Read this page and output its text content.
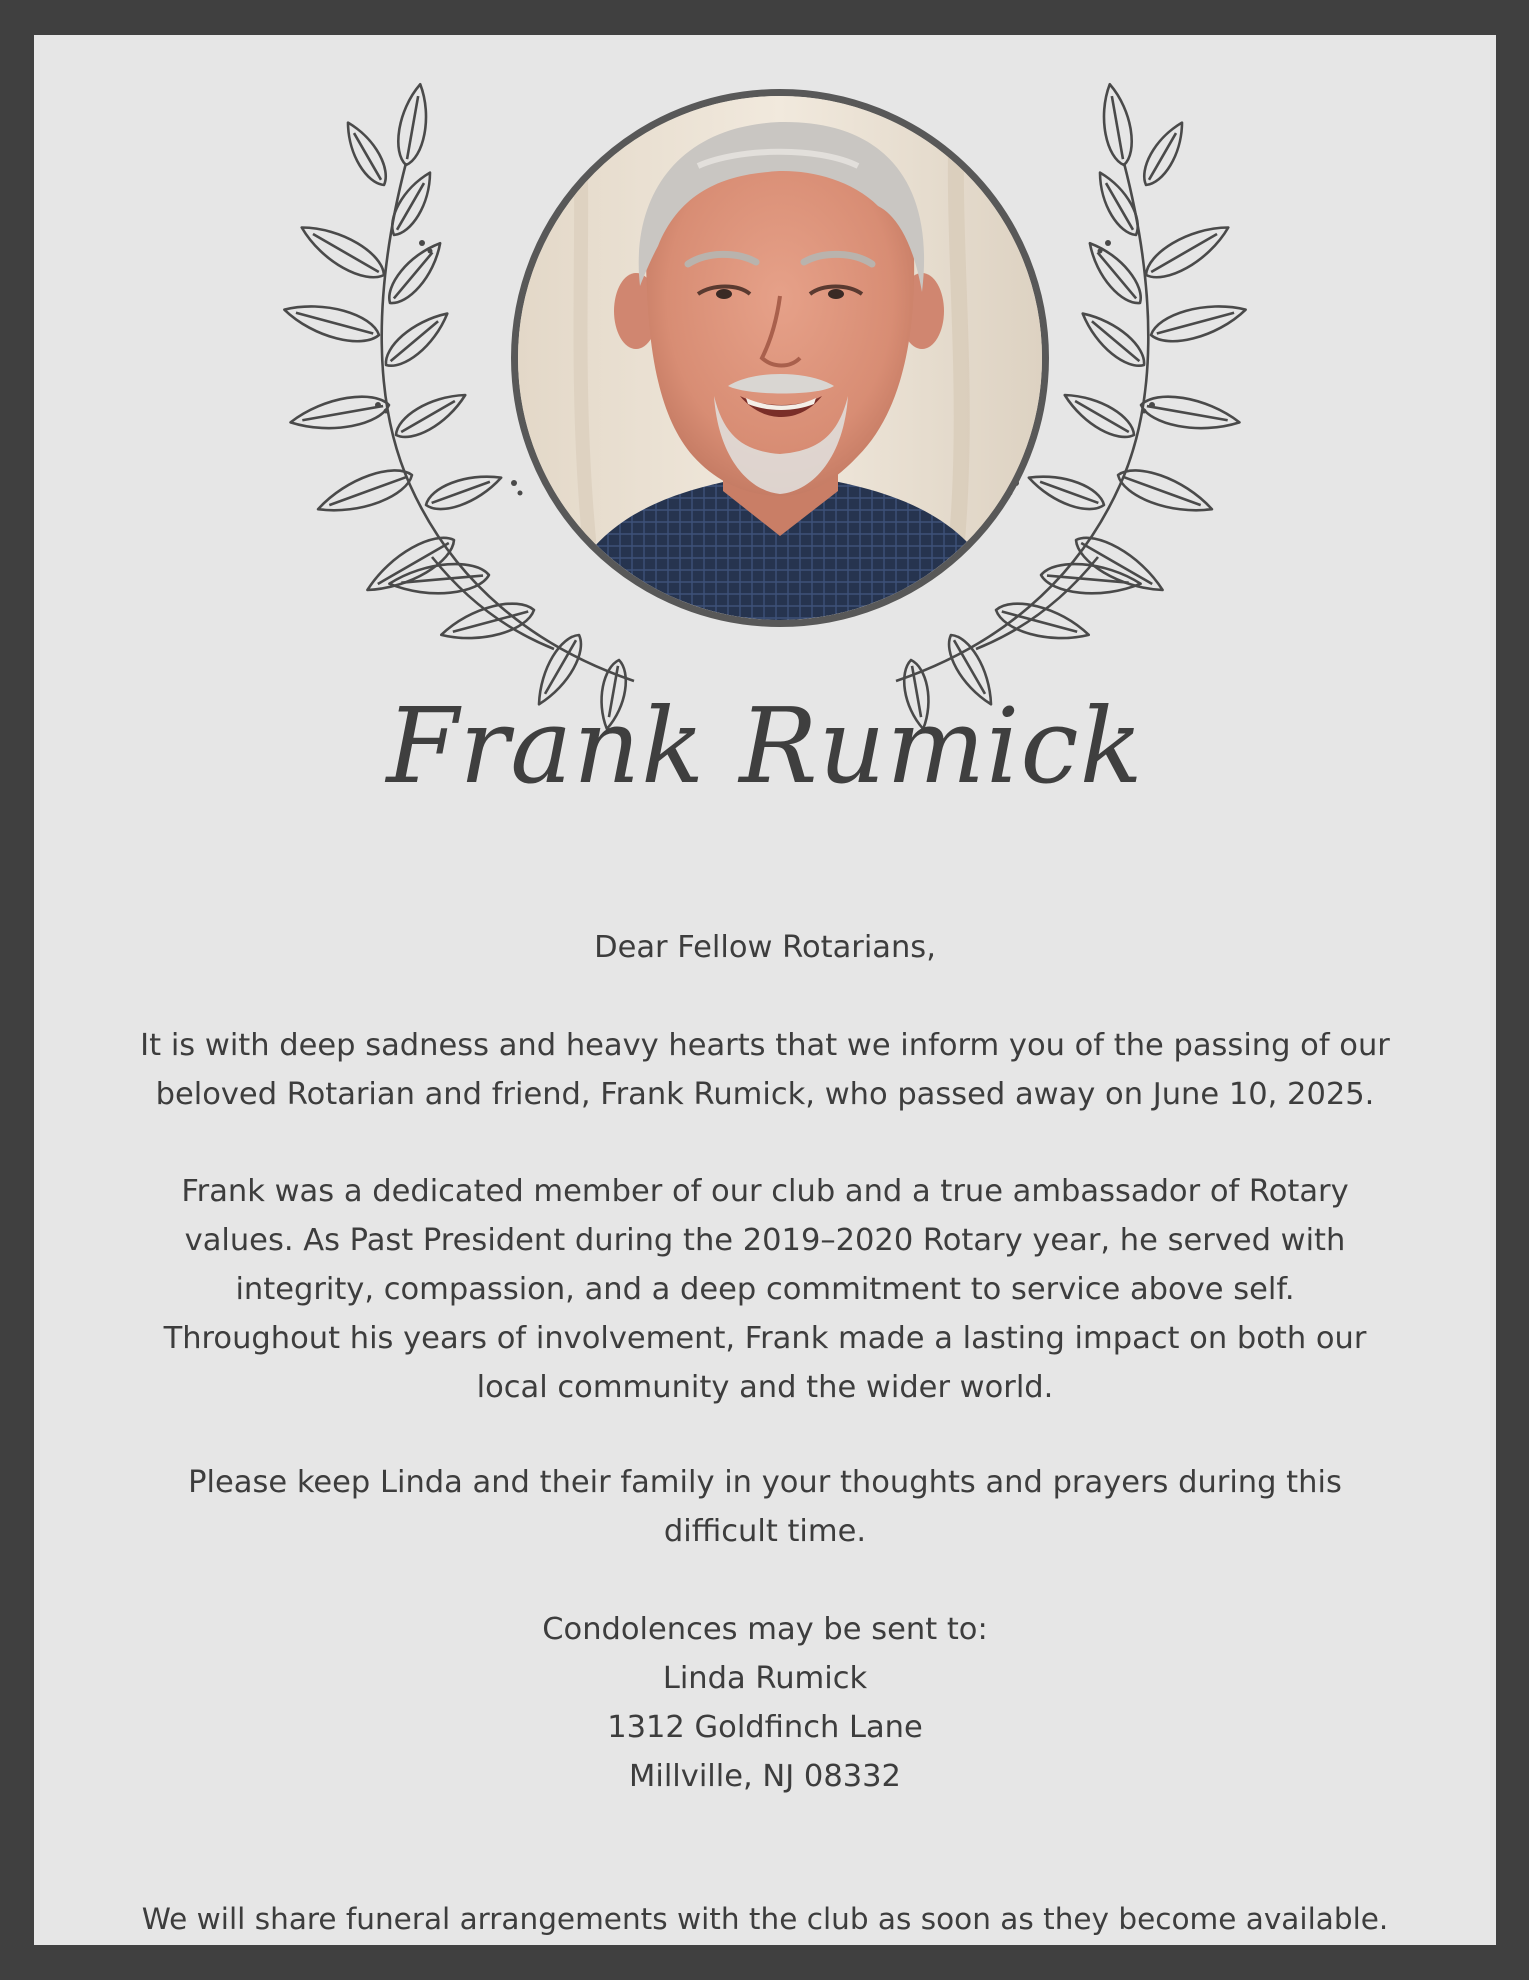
Frank Rumick

Dear Fellow Rotarians,

It is with deep sadness and heavy hearts that we inform you of the passing of our
beloved Rotarian and friend, Frank Rumick, who passed away on June 10, 2025.

Frank was a dedicated member of our club and a true ambassador of Rotary
values. As Past President during the 2019–2020 Rotary year, he served with
integrity, compassion, and a deep commitment to service above self.
Throughout his years of involvement, Frank made a lasting impact on both our
local community and the wider world.

Please keep Linda and their family in your thoughts and prayers during this
difficult time.

Condolences may be sent to:
Linda Rumick
1312 Goldfinch Lane
Millville, NJ 08332

We will share funeral arrangements with the club as soon as they become available.
